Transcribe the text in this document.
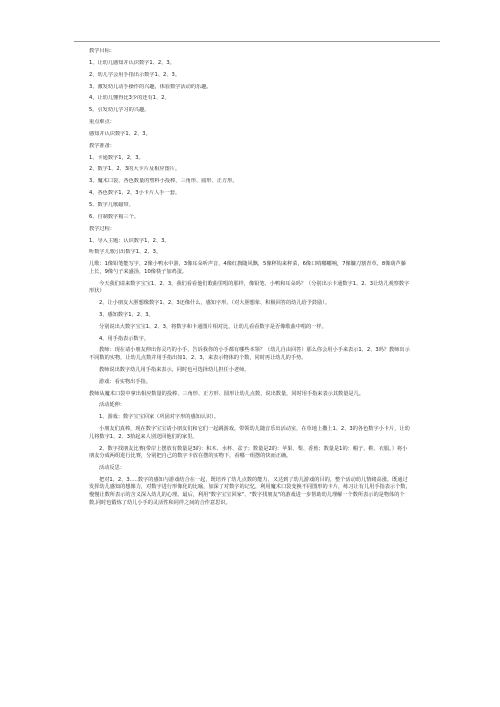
教学目标：
1、让幼儿感知并认识数字1、2、3。
2、幼儿学会用手指出示数字1、2、3。
3、激发幼儿动手操作的兴趣，体验数学活动的乐趣。
4、让幼儿懂得比3少的还有1、2。
5、引发幼儿学习的兴趣。
重点难点：
感知并认识数字1、2、3。
教学准备：
1、卡通数字1，2，3。
2、数字1、2、3的大卡片及相应图片。
3、魔术口袋，各色数量的塑料小投棒，三角形、圆形、正方形。
4、各色数字1、2、3小卡片人手一套。
5、数字儿歌磁带。
6、自制数字箱三个。
教学过程：
1、导入主题：认识数字1、2、3。
听数字儿歌引出数字1、2、3。

儿歌：1像铅笔能写字，2像小鸭水中游，3像耳朵听声音，4像红旗随风飘，5像秤钩来秤菜，6像口哨嘟嘟响，7像镰刀割青草，8像葫芦藤上长，9像勺子来盛汤，10像筷子加鸡蛋。

今天我们请来数字宝宝1、2、3，我们看看他们歌曲里唱的那样，像铅笔、小鸭和耳朵吗？（分别出示卡通数字1、2、3让幼儿观察数字形状）

2、让小朋友大胆想像数字1、2、3还像什么，感知字形。（对大胆想象、积极回答的幼儿给予鼓励）。

3、感知数字1、2、3。

分别说出大数字宝宝1、2、3，将数字和卡通图片相对比，让幼儿看看数字是否像歌曲中唱的一样。

4、用手指表示数字。

教师：现在请小朋友伸出你灵巧的小手，告诉我你的小手都有哪些本领？（幼儿自由回答）那么你会用小手来表示1、2、3吗？教师出示不同数的实物，让幼儿点数并用手指出如1、2、3，来表示物体的个数，同时再让幼儿的手势。

教师说出数字幼儿用手指来表示，同时也可选择幼儿担任小老师。

游戏：看实物出手指。

教师从魔术口袋中拿出相应数量的投棒、三角形、正方形、圆形让幼儿点数，说出数量，同时用手指来表示其数量是几。

活动延伸：

1、游戏：数字宝宝回家（巩固对字形的感知认识）。

小朋友们真棒，现在数字宝宝请小朋友们和它们一起跳游戏。带领幼儿随音乐出活动室，在草地上撒上1、2、3的各色数字小卡片，让幼儿将数字1、2、3拾起来人别送回他们的家里。

2、数字找朋友比赛(带岸上摆放有数量是3的：积木、水杯、盆子；数量是2的：苹果、梨、香蕉；数量是1的：帽子、鞋、衣服。）将小朋友分成两组进行比赛，分别把自己的数字卡放在摆的实物下，看哪一组摆的快而正确。

活动反思：

把对1、2、3.....数字的感知与游戏结合在一起，既培养了幼儿点数的能力，又达到了幼儿游戏的目的，整个活动幼儿情绪高涨。既通过发挥幼儿感知的想像力，对数字进行形像化的比喻，加深了对数字的记忆，利用魔术口袋变换不同图形的卡片，练习让有儿用手指表示个数，慢慢让数所表示的含义深入幼儿的心理。最后，利用"数字宝宝回家"、"数字找朋友"的游戏进一步帮助幼儿理解一个数所表示的是物体的个数,同时也锻炼了幼儿小手的灵活性和同伴之间的合作意思识。
